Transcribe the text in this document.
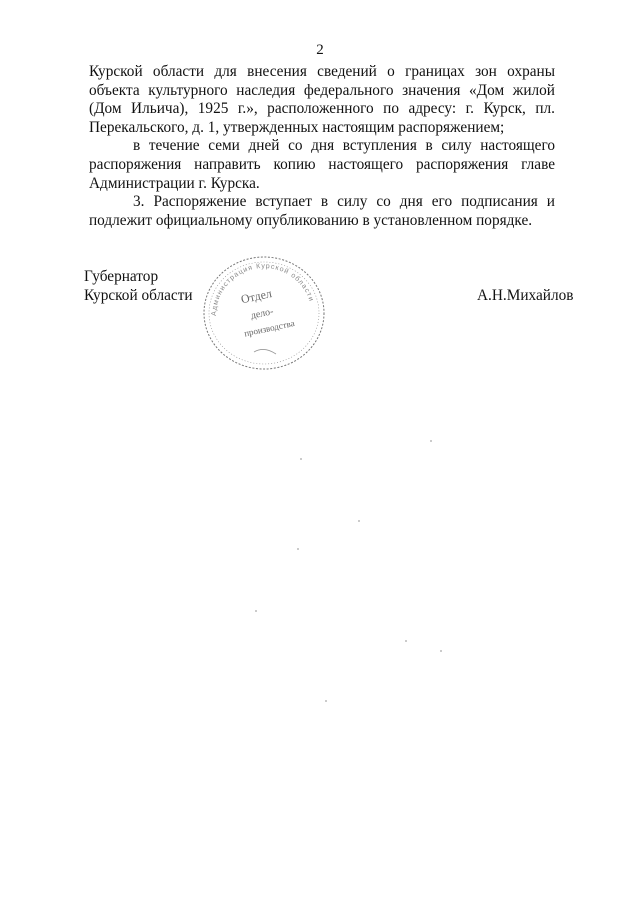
2

Курской области для внесения сведений о границах зон охраны объекта культурного наследия федерального значения «Дом жилой (Дом Ильича), 1925 г.», расположенного по адресу: г. Курск, пл. Перекальского, д. 1, утвержденных настоящим распоряжением;

в течение семи дней со дня вступления в силу настоящего распоряжения направить копию настоящего распоряжения главе Администрации г. Курска.

3. Распоряжение вступает в силу со дня его подписания и подлежит официальному опубликованию в установленном порядке.

Губернатор
Курской области	А.Н.Михайлов
Администрация Курской области
Отдел
дело-
производства
